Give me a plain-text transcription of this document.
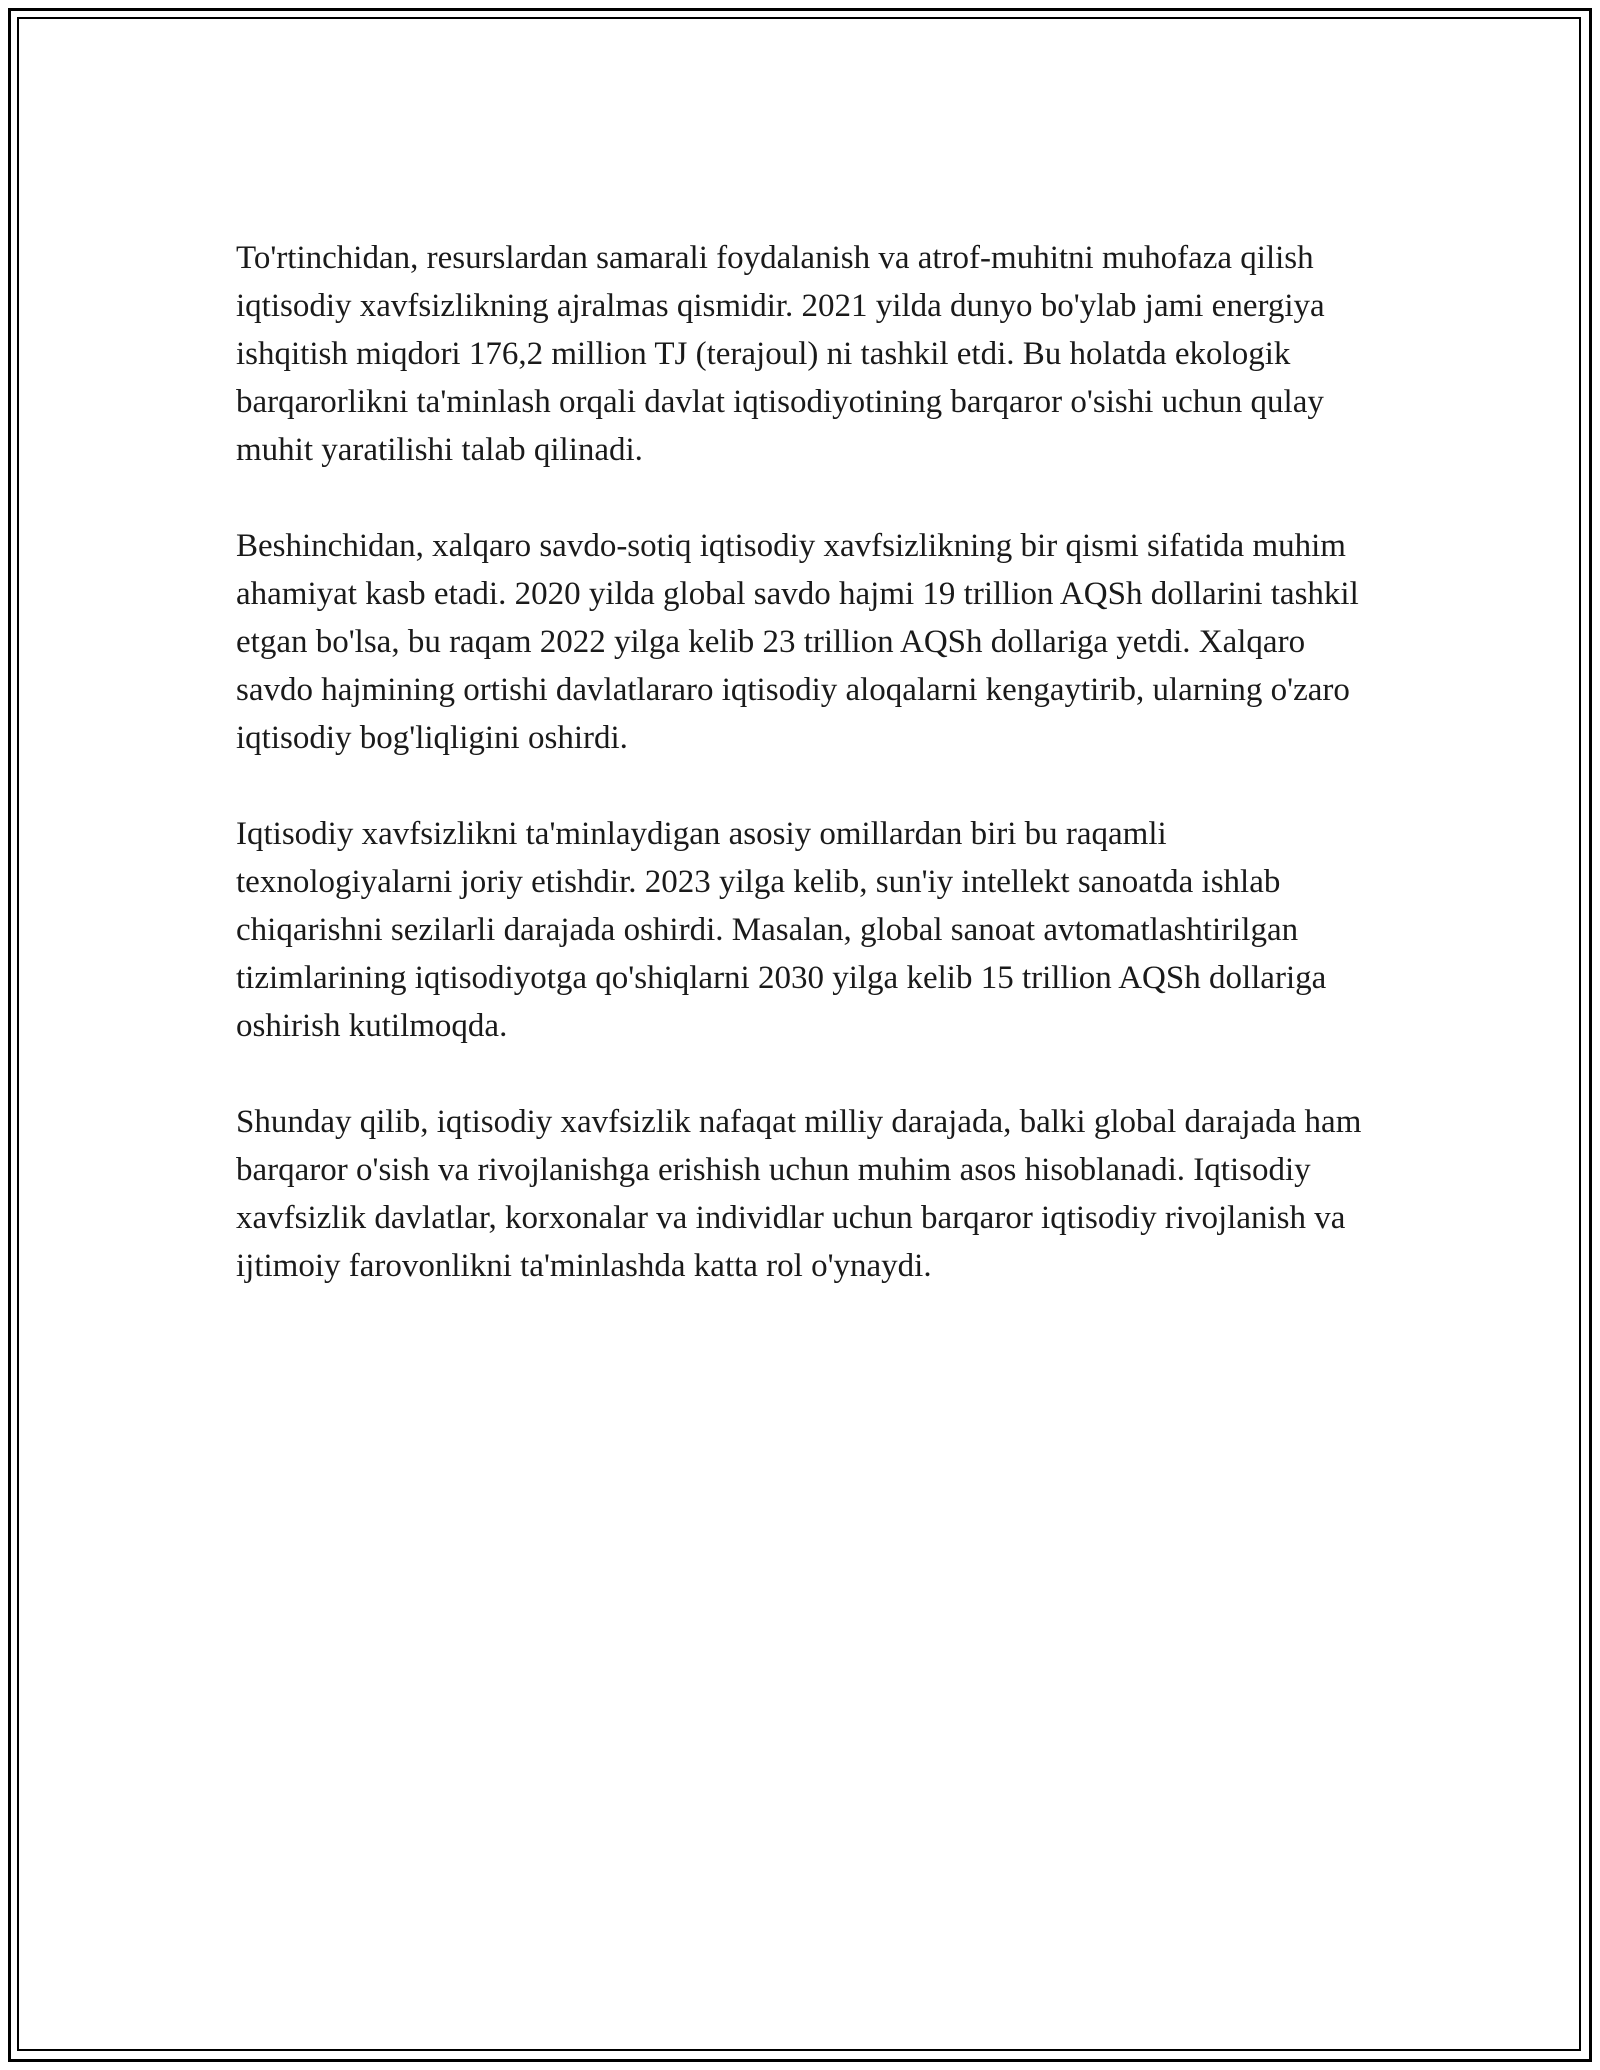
To'rtinchidan, resurslardan samarali foydalanish va atrof-muhitni muhofaza qilish iqtisodiy xavfsizlikning ajralmas qismidir. 2021 yilda dunyo bo'ylab jami energiya ishqitish miqdori 176,2 million TJ (terajoul) ni tashkil etdi. Bu holatda ekologik barqarorlikni ta'minlash orqali davlat iqtisodiyotining barqaror o'sishi uchun qulay muhit yaratilishi talab qilinadi.

Beshinchidan, xalqaro savdo-sotiq iqtisodiy xavfsizlikning bir qismi sifatida muhim ahamiyat kasb etadi. 2020 yilda global savdo hajmi 19 trillion AQSh dollarini tashkil etgan bo'lsa, bu raqam 2022 yilga kelib 23 trillion AQSh dollariga yetdi. Xalqaro savdo hajmining ortishi davlatlararo iqtisodiy aloqalarni kengaytirib, ularning o'zaro iqtisodiy bog'liqligini oshirdi.

Iqtisodiy xavfsizlikni ta'minlaydigan asosiy omillardan biri bu raqamli texnologiyalarni joriy etishdir. 2023 yilga kelib, sun'iy intellekt sanoatda ishlab chiqarishni sezilarli darajada oshirdi. Masalan, global sanoat avtomatlashtirilgan tizimlarining iqtisodiyotga qo'shiqlarni 2030 yilga kelib 15 trillion AQSh dollariga oshirish kutilmoqda.

Shunday qilib, iqtisodiy xavfsizlik nafaqat milliy darajada, balki global darajada ham barqaror o'sish va rivojlanishga erishish uchun muhim asos hisoblanadi. Iqtisodiy xavfsizlik davlatlar, korxonalar va individlar uchun barqaror iqtisodiy rivojlanish va ijtimoiy farovonlikni ta'minlashda katta rol o'ynaydi.
